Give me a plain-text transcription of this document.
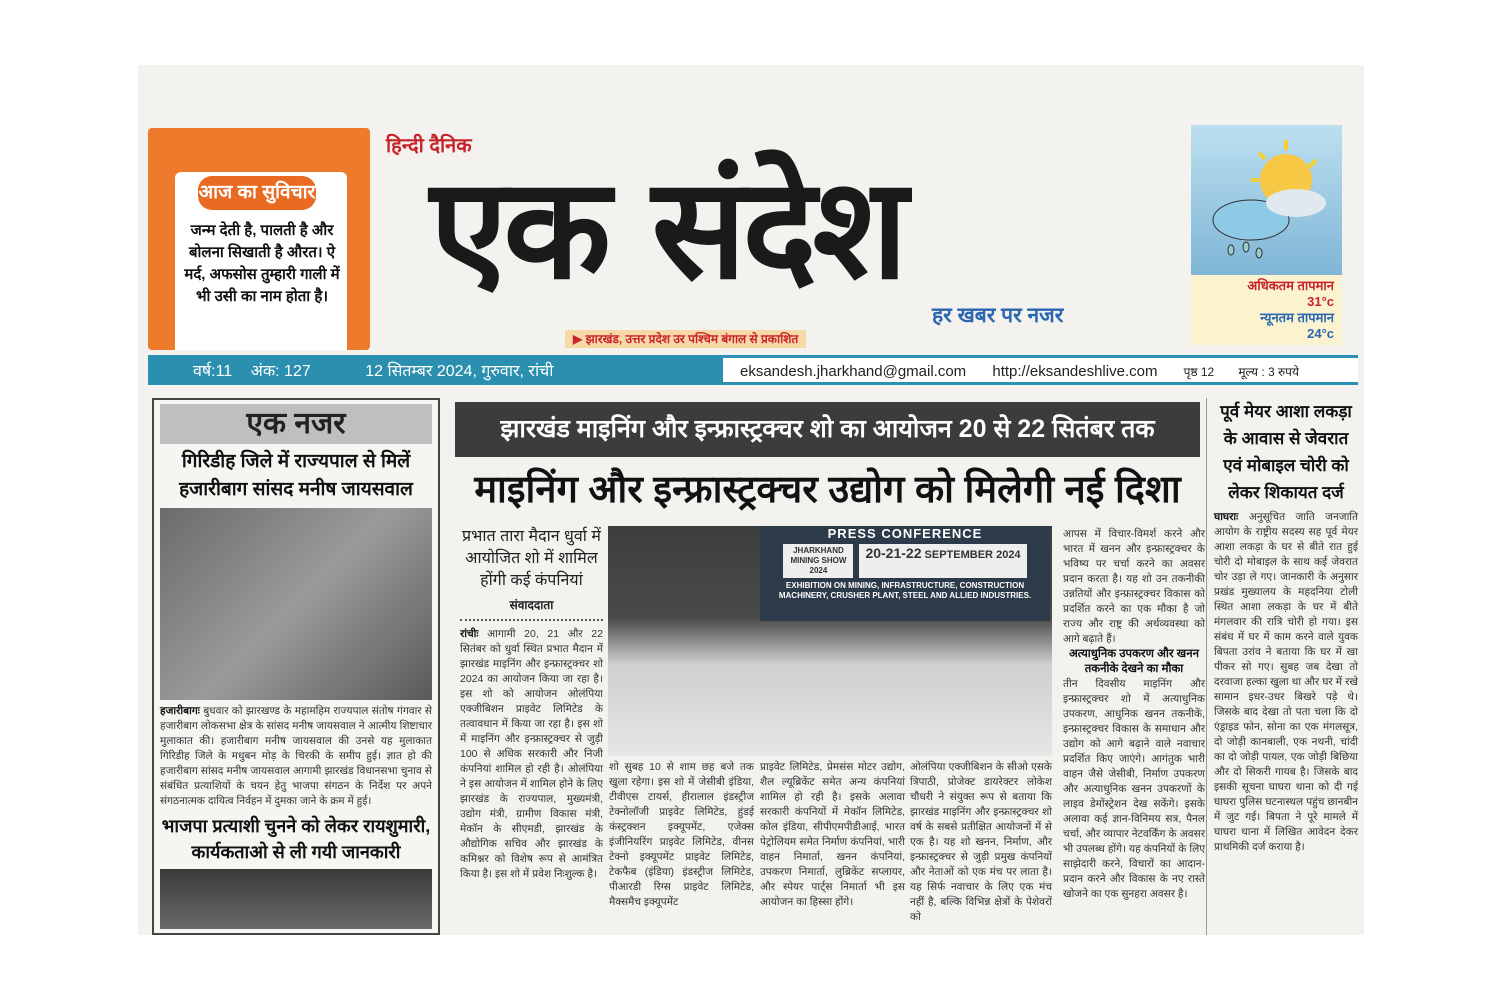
आज का सुविचार
जन्म देती है, पालती है और बोलना सिखाती है औरत। ऐ मर्द, अफसोस तुम्हारी गाली में भी उसी का नाम होता है।
हिन्दी दैनिक
एक संदेश
हर खबर पर नजर
▶ झारखंड, उत्तर प्रदेश उर पश्चिम बंगाल से प्रकाशित
अधिकतम तापमान
31°c
न्यूनतम तापमान
24°c
वर्ष:11 अंक: 127	12 सितम्बर 2024, गुरुवार, रांची	eksandesh.jharkhand@gmail.com http://eksandeshlive.com पृष्ठ 12 मूल्य : 3 रुपये
एक नजर
गिरिडीह जिले में राज्यपाल से मिलें हजारीबाग सांसद मनीष जायसवाल
हजारीबागः बुधवार को झारखण्ड के महामहिम राज्यपाल संतोष गंगवार से हजारीबाग लोकसभा क्षेत्र के सांसद मनीष जायसवाल ने आत्मीय शिष्टाचार मुलाकात की। हजारीबाग मनीष जायसवाल की उनसे यह मुलाकात गिरिडीह जिले के मधुबन मोड़ के चिरकी के समीप हुई। ज्ञात हो की हजारीबाग सांसद मनीष जायसवाल आगामी झारखंड विधानसभा चुनाव से संबंधित प्रत्याशियों के चयन हेतु भाजपा संगठन के निर्देश पर अपने संगठनात्मक दायित्व निर्वहन में दुमका जाने के क्रम में हुई।
भाजपा प्रत्याशी चुनने को लेकर रायशुमारी, कार्यकताओ से ली गयी जानकारी
झारखंड माइनिंग और इन्फ्रास्ट्रक्चर शो का आयोजन 20 से 22 सितंबर तक
माइनिंग और इन्फ्रास्ट्रक्चर उद्योग को मिलेगी नई दिशा
प्रभात तारा मैदान धुर्वा में आयोजित शो में शामिल होंगी कई कंपनियां
संवाददाता
रांचीः आगामी 20, 21 और 22 सितंबर को धुर्वा स्थित प्रभात मैदान में झारखंड माइनिंग और इन्फ्रास्ट्रक्चर शो 2024 का आयोजन किया जा रहा है। इस शो को आयोजन ओलंपिया एक्जीबिशन प्राइवेट लिमिटेड के तत्वावधान में किया जा रहा है। इस शो में माइनिंग और इन्फ्रास्ट्रक्चर से जुड़ी 100 से अधिक सरकारी और निजी कंपनियां शामिल हो रही है। ओलंपिया ने इस आयोजन में शामिल होने के लिए झारखंड के राज्यपाल, मुख्यमंत्री, उद्योग मंत्री, ग्रामीण विकास मंत्री, मेकॉन के सीएमडी, झारखंड के औद्योगिक सचिव और झारखंड के कमिश्नर को विशेष रूप से आमंत्रित किया है। इस शो में प्रवेश निःशुल्क है।
PRESS CONFERENCE
JHARKHAND MINING SHOW 2024
20-21-22 SEPTEMBER 2024
EXHIBITION ON MINING, INFRASTRUCTURE, CONSTRUCTION MACHINERY, CRUSHER PLANT, STEEL AND ALLIED INDUSTRIES.
शो सुबह 10 से शाम छह बजे तक खुला रहेगा। इस शो में जेसीबी इंडिया, टीवीएस टायर्स, हीरालाल इंडस्ट्रीज टेक्नोलॉजी प्राइवेट लिमिटेड, हुंडई कंस्ट्रक्शन इक्यूपमेंट, एजेक्स इंजीनियरिंग प्राइवेट लिमिटेड, वीनस टेक्नो इक्यूपमेंट प्राइवेट लिमिटेड, टेकफैब (इंडिया) इंडस्ट्रीज लिमिटेड, पीआरडी रिग्स प्राइवेट लिमिटेड, मैक्समैच इक्यूपमेंट
प्राइवेट लिमिटेड, प्रेमसंस मोटर उद्योग, शैल ल्यूब्रिकेंट समेत अन्य कंपनियां शामिल हो रही है। इसके अलावा सरकारी कंपनियों में मेकॉन लिमिटेड, कोल इंडिया, सीपीएमपीडीआई, भारत पेट्रोलियम समेत निर्माण कंपनियां, भारी वाहन निमार्ता, खनन कंपनियां, उपकरण निमार्ता, लुब्रिकेंट सप्लायर, और स्पेयर पार्ट्स निमार्ता भी इस आयोजन का हिस्सा होंगे।
ओलंपिया एक्जीबिशन के सीओ एसके त्रिपाठी, प्रोजेक्ट डायरेक्टर लोकेश चौधरी ने संयुक्त रूप से बताया कि झारखंड माइनिंग और इन्फ्रास्ट्रक्चर शो वर्ष के सबसे प्रतीक्षित आयोजनों में से एक है। यह शो खनन, निर्माण, और इन्फ्रास्ट्रक्चर से जुड़ी प्रमुख कंपनियों और नेताओं को एक मंच पर लाता है। यह सिर्फ नवाचार के लिए एक मंच नहीं है, बल्कि विभिन्न क्षेत्रों के पेशेवरों को
आपस में विचार-विमर्श करने और भारत में खनन और इन्फ्रास्ट्रक्चर के भविष्य पर चर्चा करने का अवसर प्रदान करता है। यह शो उन तकनीकी उन्नतियों और इन्फ्रास्ट्रक्चर विकास को प्रदर्शित करने का एक मौका है जो राज्य और राष्ट्र की अर्थव्यवस्था को आगे बढ़ाते हैं।
अत्याधुनिक उपकरण और खनन तकनीके देखने का मौका
तीन दिवसीय माइनिंग और इन्फ्रास्ट्रक्चर शो में अत्याधुनिक उपकरण, आधुनिक खनन तकनीकें, इन्फ्रास्ट्रक्चर विकास के समाधान और उद्योग को आगे बढ़ाने वाले नवाचार प्रदर्शित किए जाएंगे। आगंतुक भारी वाहन जैसे जेसीबी, निर्माण उपकरण और अत्याधुनिक खनन उपकरणों के लाइव डेमोंस्ट्रेशन देख सकेंगे। इसके अलावा कई ज्ञान-विनिमय सत्र, पैनल चर्चा, और व्यापार नेटवर्किंग के अवसर भी उपलब्ध होंगे। यह कंपनियों के लिए साझेदारी करने, विचारों का आदान-प्रदान करने और विकास के नए रास्ते खोजने का एक सुनहरा अवसर है।
पूर्व मेयर आशा लकड़ा के आवास से जेवरात एवं मोबाइल चोरी को लेकर शिकायत दर्ज
घाघराः अनुसूचित जाति जनजाति आयोग के राष्ट्रीय सदस्य सह पूर्व मेयर आशा लकड़ा के घर से बीते रात हुई चोरी दो मोबाइल के साथ कई जेवरात चोर उड़ा ले गए। जानकारी के अनुसार प्रखंड मुख्यालय के महदनिया टोली स्थित आशा लकड़ा के घर में बीते मंगलवार की रात्रि चोरी हो गया। इस संबंध में घर में काम करने वाले युवक बिपता उरांव ने बताया कि घर में खा पीकर सो गए। सुबह जब देखा तो दरवाजा हल्का खुला था और घर में रखे सामान इधर-उधर बिखरे पड़े थे। जिसके बाद देखा तो पता चला कि दो एंड्राइड फोन, सोना का एक मंगलसूत्र, दो जोड़ी कानबाली, एक नथनी, चांदी का दो जोड़ी पायल, एक जोड़ी बिछिया और दो सिकरी गायब है। जिसके बाद इसकी सूचना घाघरा थाना को दी गई घाघरा पुलिस घटनास्थल पहुंच छानबीन में जुट गई। बिपता ने पूरे मामले में घाघरा थाना में लिखित आवेदन देकर प्राथमिकी दर्ज कराया है।
